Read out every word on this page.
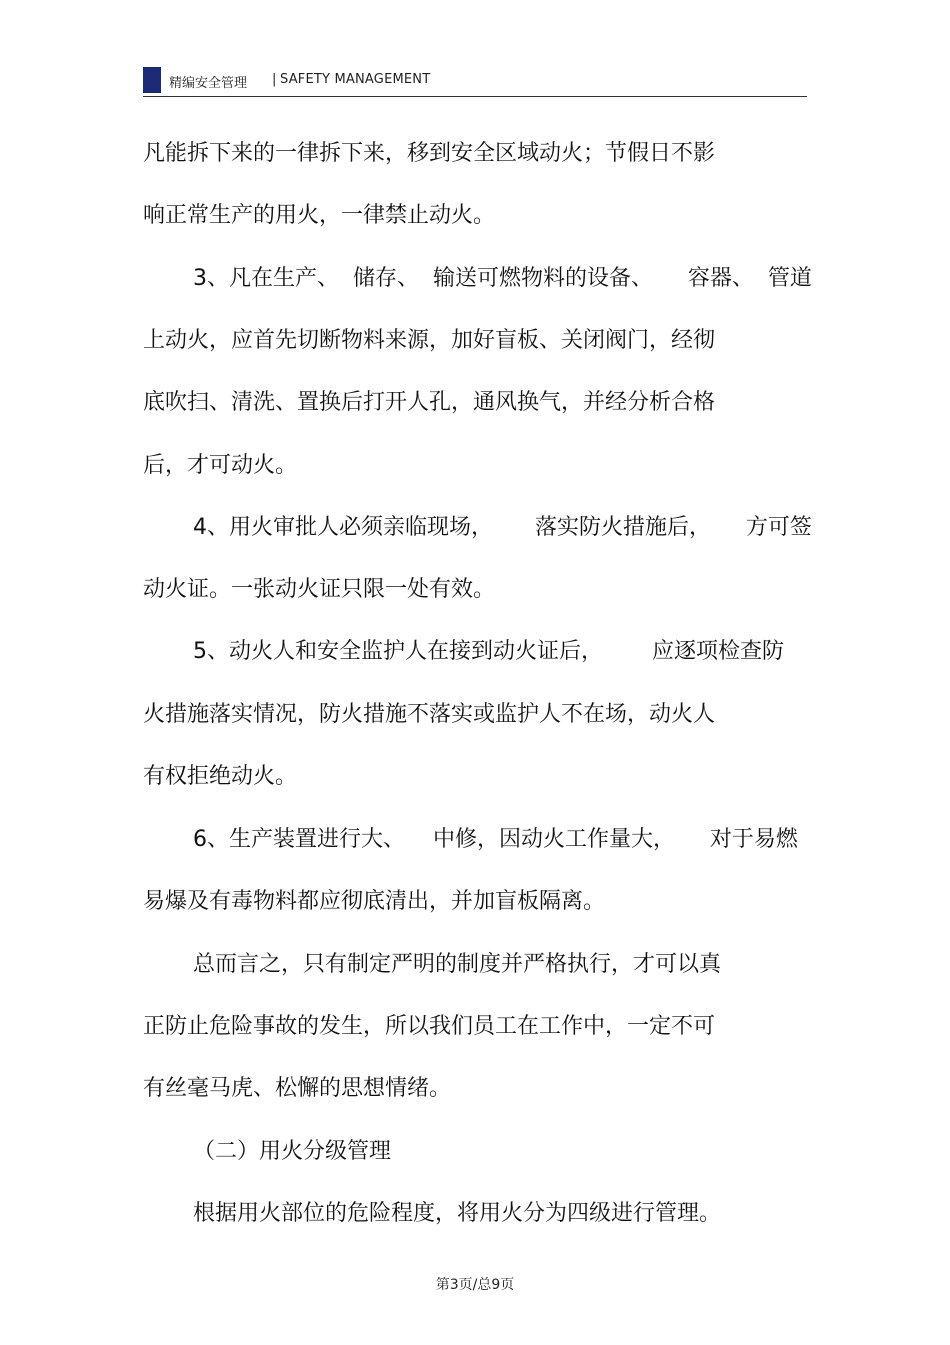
精编安全管理 | SAFETY MANAGEMENT
凡能拆下来的一律拆下来，移到安全区域动火；节假日不影
响正常生产的用火，一律禁止动火。
3、凡在生产、  储存、  输送可燃物料的设备、     容器、  管道
上动火，应首先切断物料来源，加好盲板、关闭阀门，经彻
底吹扫、清洗、置换后打开人孔，通风换气，并经分析合格
后，才可动火。
4、用火审批人必须亲临现场，      落实防火措施后，     方可签
动火证。一张动火证只限一处有效。
5、动火人和安全监护人在接到动火证后，       应逐项检查防
火措施落实情况，防火措施不落实或监护人不在场，动火人
有权拒绝动火。
6、生产装置进行大、    中修，因动火工作量大，     对于易燃
易爆及有毒物料都应彻底清出，并加盲板隔离。
总而言之，只有制定严明的制度并严格执行，才可以真
正防止危险事故的发生，所以我们员工在工作中，一定不可
有丝毫马虎、松懈的思想情绪。
（二）用火分级管理
根据用火部位的危险程度，将用火分为四级进行管理。
第3页/总9页
